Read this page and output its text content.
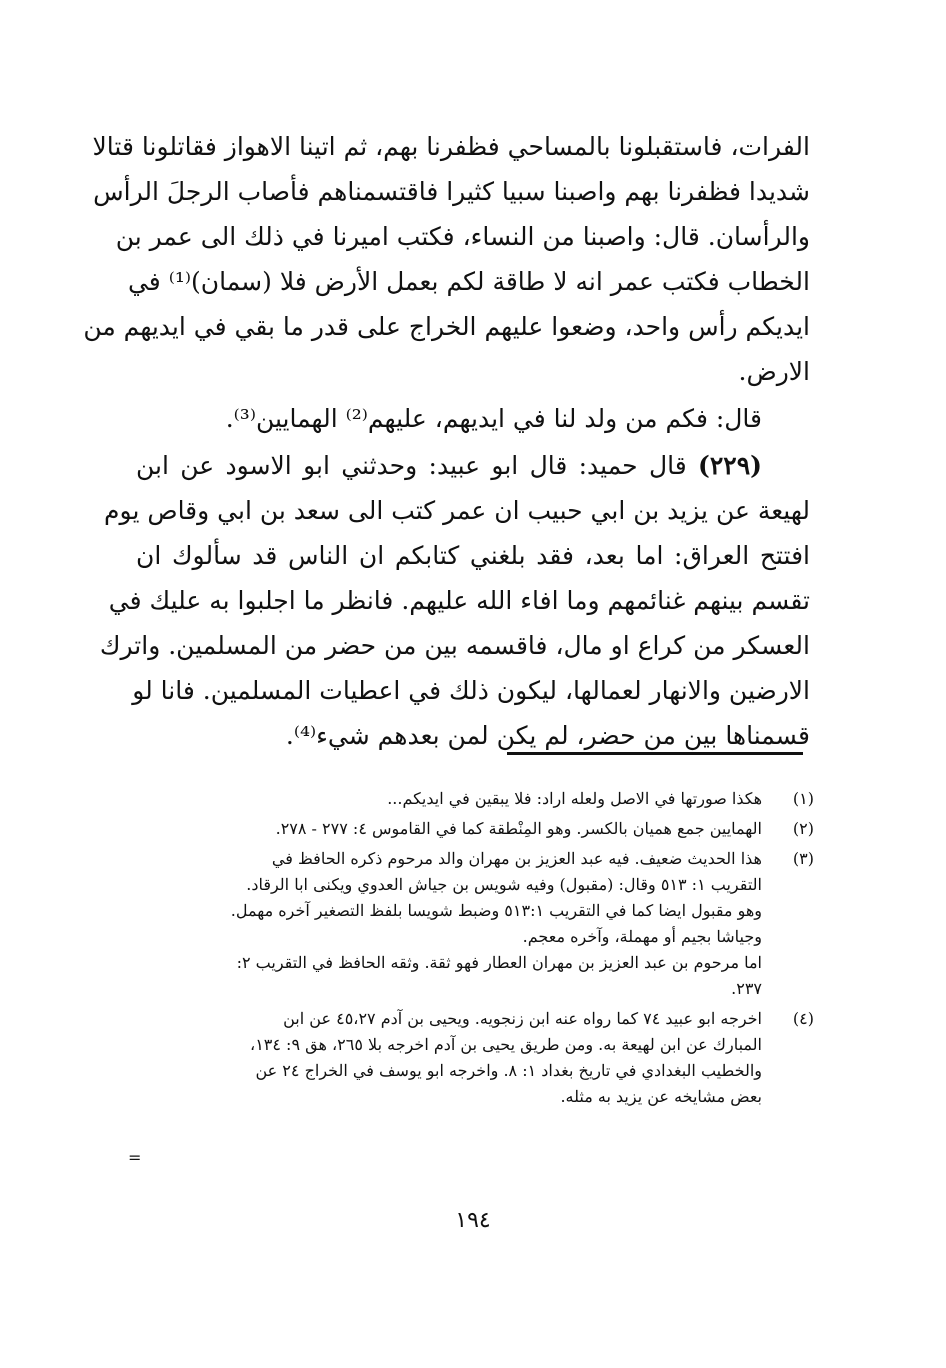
الفرات، فاستقبلونا بالمساحي فظفرنا بهم، ثم اتينا الاهواز فقاتلونا قتالا
شديدا فظفرنا بهم واصبنا سبيا كثيرا فاقتسمناهم فأصاب الرجلَ الرأس
والرأسان. قال: واصبنا من النساء، فكتب اميرنا في ذلك الى عمر بن
الخطاب فكتب عمر انه لا طاقة لكم بعمل الأرض فلا (سمان)⁽¹⁾ في
ايديكم رأس واحد، وضعوا عليهم الخراج على قدر ما بقي في ايديهم من
الارض.
قال: فكم من ولد لنا في ايديهم، عليهم⁽²⁾ الهمايين⁽³⁾.
(٢٢٩) قال حميد: قال ابو عبيد: وحدثني ابو الاسود عن ابن
لهيعة عن يزيد بن ابي حبيب ان عمر كتب الى سعد بن ابي وقاص يوم
افتتح العراق: اما بعد، فقد بلغني كتابكم ان الناس قد سألوك ان
تقسم بينهم غنائمهم وما افاء الله عليهم. فانظر ما اجلبوا به عليك في
العسكر من كراع او مال، فاقسمه بين من حضر من المسلمين. واترك
الارضين والانهار لعمالها، ليكون ذلك في اعطيات المسلمين. فانا لو
قسمناها بين من حضر، لم يكن لمن بعدهم شيء⁽⁴⁾.
(١)
هكذا صورتها في الاصل ولعله اراد: فلا يبقين في ايديكم...
(٢)
الهمايين جمع هميان بالكسر. وهو المِنْطقة كما في القاموس ٤: ٢٧٧ - ٢٧٨.
(٣)
هذا الحديث ضعيف. فيه عبد العزيز بن مهران والد مرحوم ذكره الحافظ في
التقريب ١: ٥١٣ وقال: (مقبول) وفيه شويس بن جياش العدوي ويكنى ابا الرقاد.
وهو مقبول ايضا كما في التقريب ٥١٣:١ وضبط شويسا بلفظ التصغير آخره مهمل.
وجياشا بجيم أو مهملة، وآخره معجم.
اما مرحوم بن عبد العزيز بن مهران العطار فهو ثقة. وثقه الحافظ في التقريب ٢:
٢٣٧.
(٤)
اخرجه ابو عبيد ٧٤ كما رواه عنه ابن زنجويه. ويحيى بن آدم ٤٥،٢٧ عن ابن
المبارك عن ابن لهيعة به. ومن طريق يحيى بن آدم اخرجه بلا ٢٦٥، هق ٩: ١٣٤،
والخطيب البغدادي في تاريخ بغداد ١: ٨. واخرجه ابو يوسف في الخراج ٢٤ عن
بعض مشايخه عن يزيد به مثله.
=
١٩٤
